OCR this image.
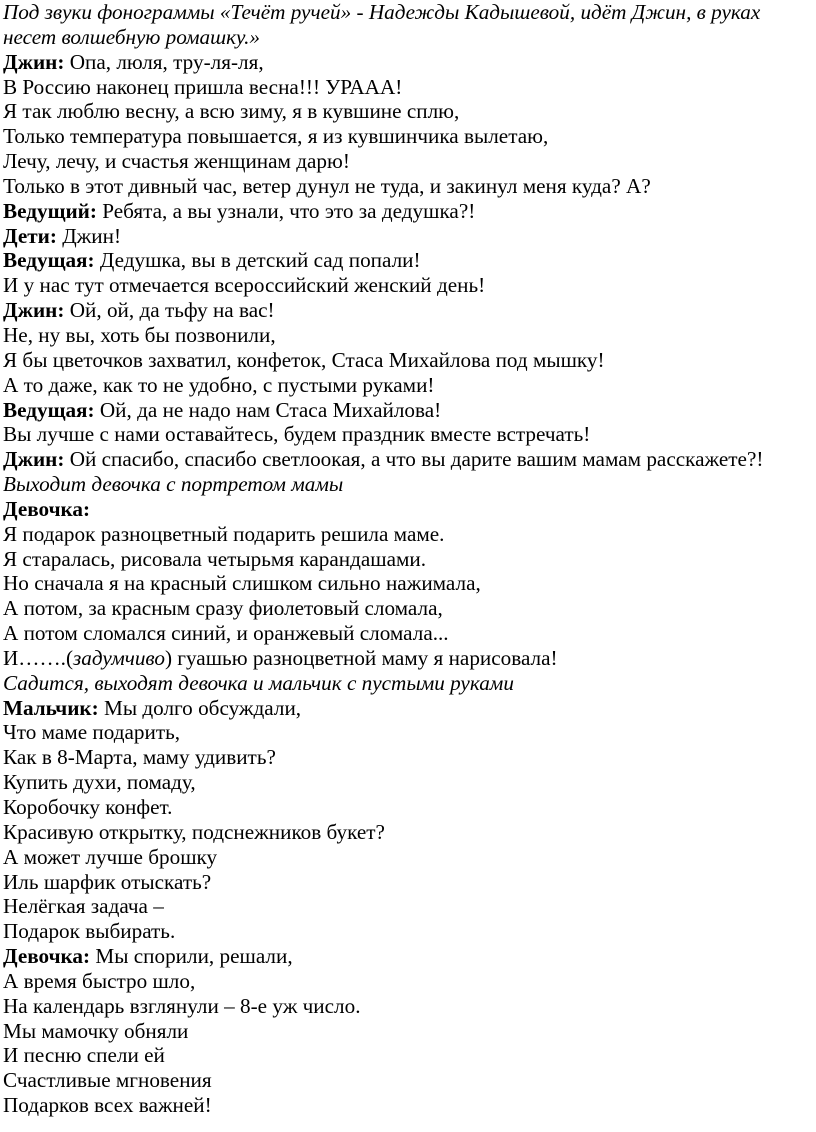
Под звуки фонограммы «Течёт ручей» - Надежды Кадышевой, идёт Джин, в руках несет волшебную ромашку.»
Джин: Опа, люля, тру-ля-ля,
В Россию наконец пришла весна!!! УРААА!
Я так люблю весну, а всю зиму, я в кувшине сплю,
Только температура повышается, я из кувшинчика вылетаю,
Лечу, лечу, и счастья женщинам дарю!
Только в этот дивный час, ветер дунул не туда, и закинул меня куда? А?
Ведущий: Ребята, а вы узнали, что это за дедушка?!
Дети: Джин!
Ведущая: Дедушка, вы в детский сад попали!
И у нас тут отмечается всероссийский женский день!
Джин: Ой, ой, да тьфу на вас!
Не, ну вы, хоть бы позвонили,
Я бы цветочков захватил, конфеток, Стаса Михайлова под мышку!
А то даже, как то не удобно, с пустыми руками!
Ведущая: Ой, да не надо нам Стаса Михайлова!
Вы лучше с нами оставайтесь, будем праздник вместе встречать!
Джин: Ой спасибо, спасибо светлоокая, а что вы дарите вашим мамам расскажете?!
Выходит девочка с портретом мамы
Девочка:
Я подарок разноцветный подарить решила маме.
Я старалась, рисовала четырьмя карандашами.
Но сначала я на красный слишком сильно нажимала,
А потом, за красным сразу фиолетовый сломала,
А потом сломался синий, и оранжевый сломала...
И…….(задумчиво) гуашью разноцветной маму я нарисовала!
Садится, выходят девочка и мальчик с пустыми руками
Мальчик: Мы долго обсуждали,
Что маме подарить,
Как в 8-Марта, маму удивить?
Купить духи, помаду,
Коробочку конфет.
Красивую открытку, подснежников букет?
А может лучше брошку
Иль шарфик отыскать?
Нелёгкая задача –
Подарок выбирать.
Девочка: Мы спорили, решали,
А время быстро шло,
На календарь взглянули – 8-е уж число.
Мы мамочку обняли
И песню спели ей
Счастливые мгновения
Подарков всех важней!
